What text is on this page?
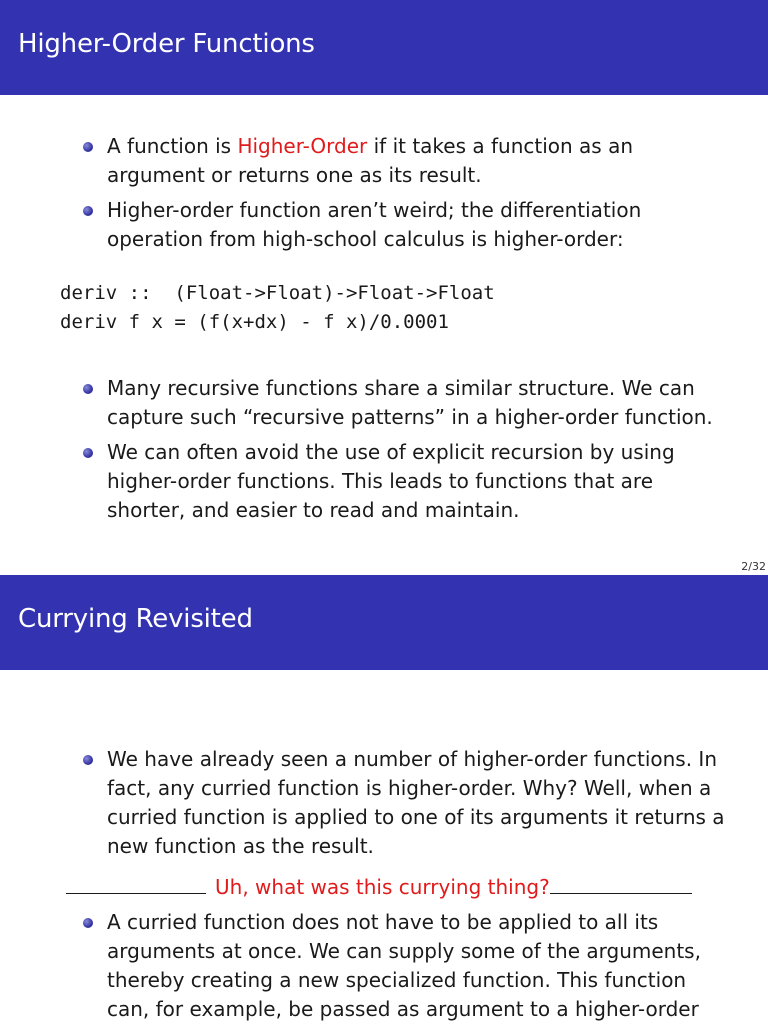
Higher-Order Functions
A function is Higher-Order if it takes a function as an
argument or returns one as its result.
Higher-order function aren’t weird; the differentiation
operation from high-school calculus is higher-order:
deriv ::  (Float->Float)->Float->Float
deriv f x = (f(x+dx) - f x)/0.0001
Many recursive functions share a similar structure. We can
capture such “recursive patterns” in a higher-order function.
We can often avoid the use of explicit recursion by using
higher-order functions. This leads to functions that are
shorter, and easier to read and maintain.
2/32
Currying Revisited
We have already seen a number of higher-order functions. In
fact, any curried function is higher-order. Why? Well, when a
curried function is applied to one of its arguments it returns a
new function as the result.
Uh, what was this currying thing?
A curried function does not have to be applied to all its
arguments at once. We can supply some of the arguments,
thereby creating a new specialized function. This function
can, for example, be passed as argument to a higher-order
